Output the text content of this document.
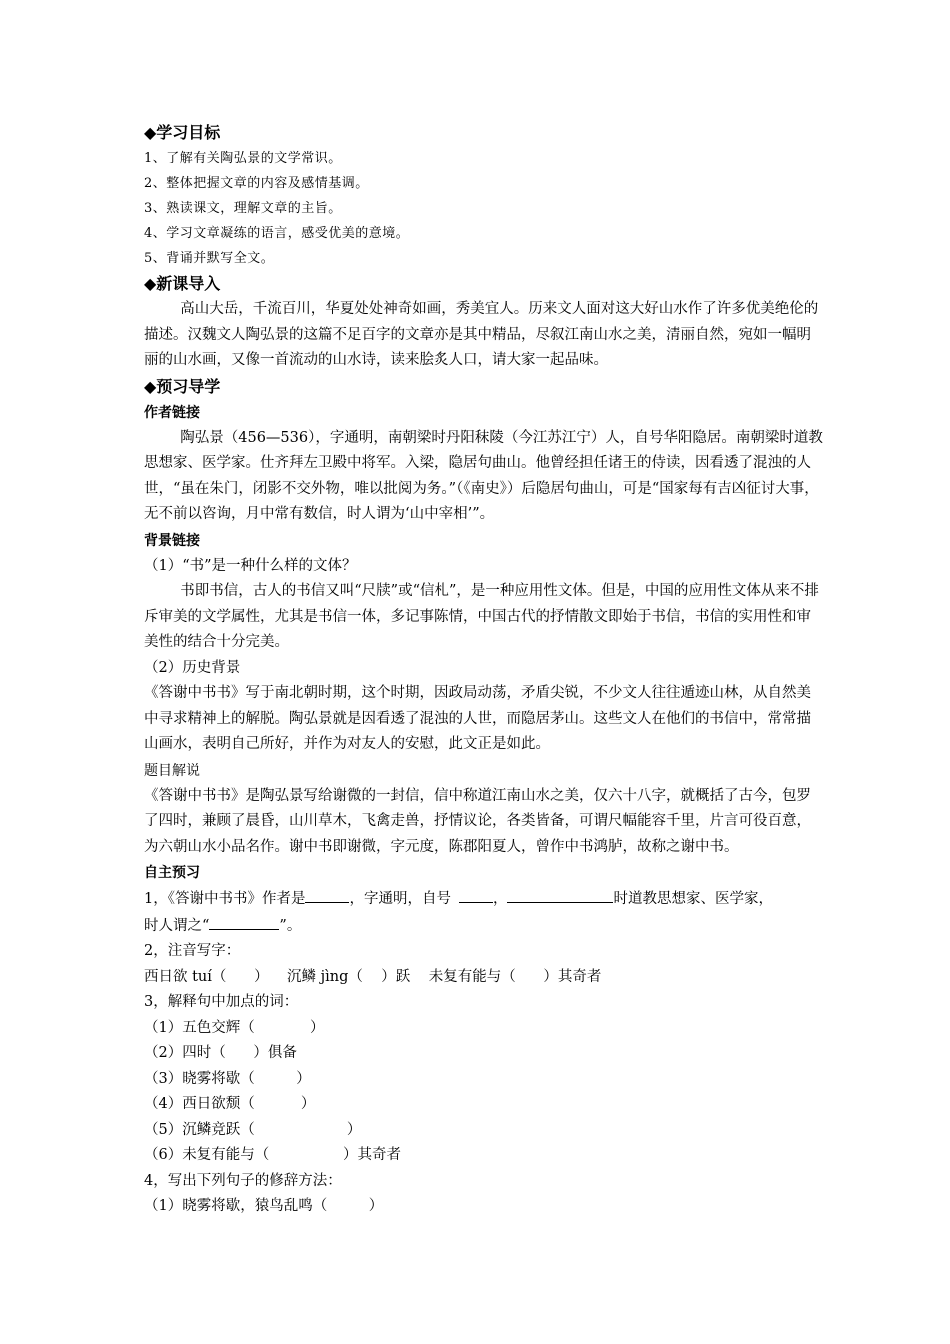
◆学习目标
1、了解有关陶弘景的文学常识。
2、整体把握文章的内容及感情基调。
3、熟读课文，理解文章的主旨。
4、学习文章凝练的语言，感受优美的意境。
5、背诵并默写全文。
◆新课导入

高山大岳，千流百川，华夏处处神奇如画，秀美宜人。历来文人面对这大好山水作了许多优美绝伦的描述。汉魏文人陶弘景的这篇不足百字的文章亦是其中精品，尽叙江南山水之美，清丽自然，宛如一幅明丽的山水画，又像一首流动的山水诗，读来脍炙人口，请大家一起品味。

◆预习导学
作者链接

陶弘景（456—536），字通明，南朝梁时丹阳秣陵（今江苏江宁）人，自号华阳隐居。南朝梁时道教思想家、医学家。仕齐拜左卫殿中将军。入梁，隐居句曲山。他曾经担任诸王的侍读，因看透了混浊的人世，“虽在朱门，闭影不交外物，唯以批阅为务。”（《南史》）后隐居句曲山，可是“国家每有吉凶征讨大事，无不前以咨询，月中常有数信，时人谓为‘山中宰相’”。

背景链接
（1）“书”是一种什么样的文体？

书即书信，古人的书信又叫“尺牍”或“信札”，是一种应用性文体。但是，中国的应用性文体从来不排斥审美的文学属性，尤其是书信一体，多记事陈情，中国古代的抒情散文即始于书信，书信的实用性和审美性的结合十分完美。

（2）历史背景

《答谢中书书》写于南北朝时期，这个时期，因政局动荡，矛盾尖锐，不少文人往往遁迹山林，从自然美中寻求精神上的解脱。陶弘景就是因看透了混浊的人世，而隐居茅山。这些文人在他们的书信中，常常描山画水，表明自己所好，并作为对友人的安慰，此文正是如此。

题目解说

《答谢中书书》是陶弘景写给谢微的一封信，信中称道江南山水之美，仅六十八字，就概括了古今，包罗了四时，兼顾了晨昏，山川草木，飞禽走兽，抒情议论，各类皆备，可谓尺幅能容千里，片言可役百意，为六朝山水小品名作。谢中书即谢微，字元度，陈郡阳夏人，曾作中书鸿胪，故称之谢中书。

自主预习
1，《答谢中书书》作者是	，字通明，自号	，	时道教思想家、医学家，
时人谓之“	”。
2，注音写字：
西日欲 tuí（      ）    沉鳞 jìng（    ）跃    未复有能与（      ）其奇者
3，解释句中加点的词：
（1）五色交辉（            ）
（2）四时（      ）俱备
（3）晓雾将歇（         ）
（4）西日欲颓（          ）
（5）沉鳞竞跃（                    ）
（6）未复有能与（                ）其奇者
4，写出下列句子的修辞方法：
（1）晓雾将歇，猿鸟乱鸣（         ）
